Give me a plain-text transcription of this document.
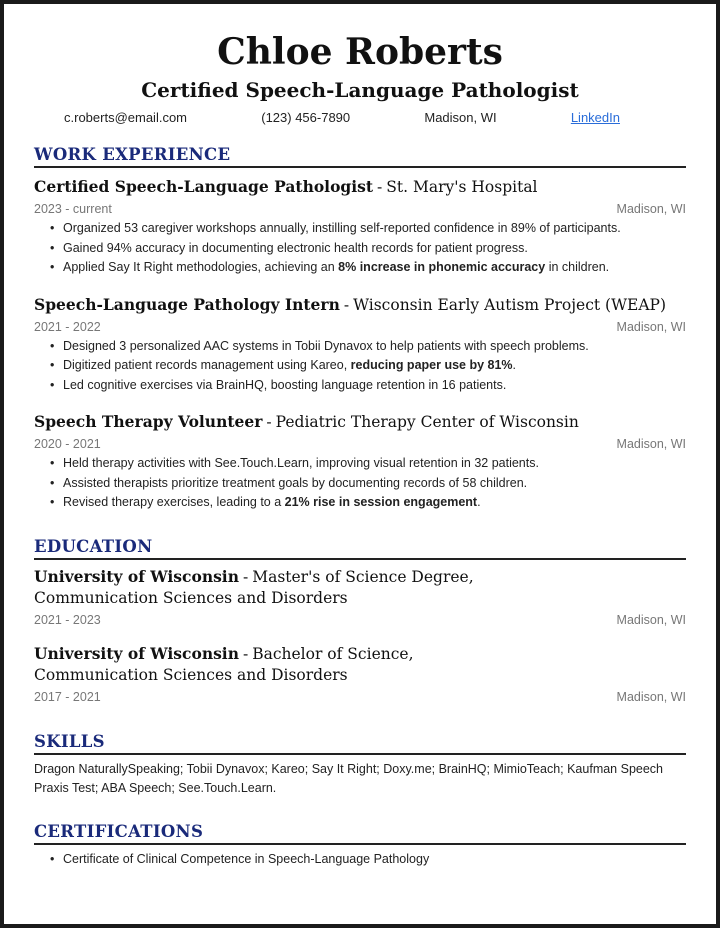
Chloe Roberts
Certified Speech-Language Pathologist
c.roberts@email.com	(123) 456-7890	Madison, WI	LinkedIn
WORK EXPERIENCE
Certified Speech-Language Pathologist - St. Mary's Hospital
2023 - current	Madison, WI
• Organized 53 caregiver workshops annually, instilling self-reported confidence in 89% of participants.
• Gained 94% accuracy in documenting electronic health records for patient progress.
• Applied Say It Right methodologies, achieving an 8% increase in phonemic accuracy in children.
Speech-Language Pathology Intern - Wisconsin Early Autism Project (WEAP)
2021 - 2022	Madison, WI
• Designed 3 personalized AAC systems in Tobii Dynavox to help patients with speech problems.
• Digitized patient records management using Kareo, reducing paper use by 81%.
• Led cognitive exercises via BrainHQ, boosting language retention in 16 patients.
Speech Therapy Volunteer - Pediatric Therapy Center of Wisconsin
2020 - 2021	Madison, WI
• Held therapy activities with See.Touch.Learn, improving visual retention in 32 patients.
• Assisted therapists prioritize treatment goals by documenting records of 58 children.
• Revised therapy exercises, leading to a 21% rise in session engagement.
EDUCATION
University of Wisconsin - Master's of Science Degree,
Communication Sciences and Disorders
2021 - 2023	Madison, WI
University of Wisconsin - Bachelor of Science,
Communication Sciences and Disorders
2017 - 2021	Madison, WI
SKILLS
Dragon NaturallySpeaking; Tobii Dynavox; Kareo; Say It Right; Doxy.me; BrainHQ; MimioTeach; Kaufman Speech Praxis Test; ABA Speech; See.Touch.Learn.
CERTIFICATIONS
• Certificate of Clinical Competence in Speech-Language Pathology
